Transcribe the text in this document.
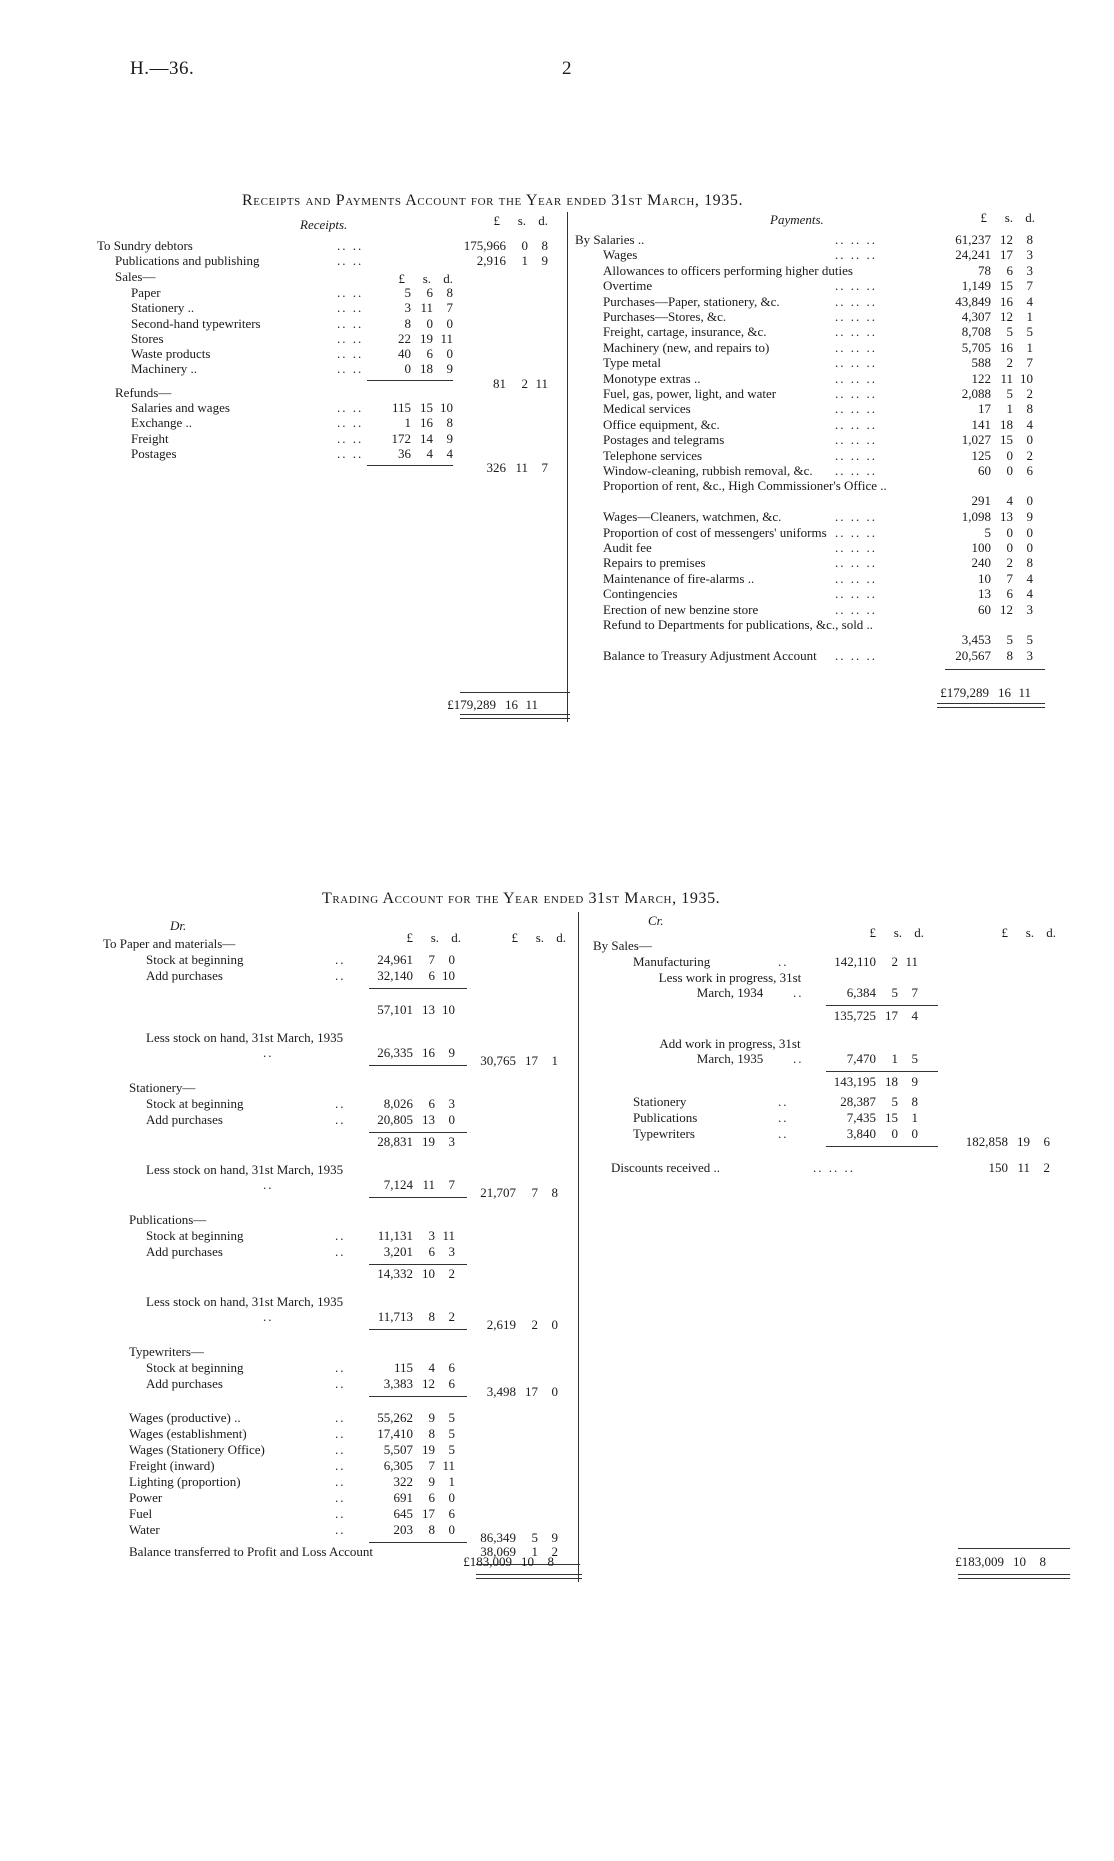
H.—36.	2
Receipts and Payments Account for the Year ended 31st March, 1935.
Receipts.	Payments.
£	s. d.
To Sundry debtors	.. ..	175,966	0	8
Publications and publishing	.. ..	2,916	1	9
Sales—	£	s. d.
Paper	.. ..	5	6	8
Stationery ..	.. ..	3 11	7
Second-hand typewriters	.. ..	8	0	0
Stores	.. ..	22 19 11
Waste products	.. ..	40	6	0
Machinery ..	.. ..	0 18	9
81	2 11
Refunds—
Salaries and wages	.. ..	115 15 10
Exchange ..	.. ..	1 16	8
Freight	.. ..	172 14	9
Postages	.. ..	36	4	4
326 11	7
£179,289 16 11
£	s. d.
By Salaries ..	.. .. ..	61,237 12	8
Wages	.. .. ..	24,241 17	3
Allowances to officers performing higher duties	78	6	3
Overtime	.. .. ..	1,149 15	7
Purchases—Paper, stationery, &c.	.. .. ..	43,849 16	4
Purchases—Stores, &c.	.. .. ..	4,307 12	1
Freight, cartage, insurance, &c.	.. .. ..	8,708	5	5
Machinery (new, and repairs to)	.. .. ..	5,705 16	1
Type metal	.. .. ..	588	2	7
Monotype extras ..	.. .. ..	122 11 10
Fuel, gas, power, light, and water	.. .. ..	2,088	5	2
Medical services	.. .. ..	17	1	8
Office equipment, &c.	.. .. ..	141 18	4
Postages and telegrams	.. .. ..	1,027 15	0
Telephone services	.. .. ..	125	0	2
Window-cleaning, rubbish removal, &c. .. .. ..	60	0	6
Proportion of rent, &c., High Commissioner's Office ..
291	4	0
Wages—Cleaners, watchmen, &c.	.. .. ..	1,098 13	9
Proportion of cost of messengers' uniforms .. .. ..	5	0	0
Audit fee	.. .. ..	100	0	0
Repairs to premises	.. .. ..	240	2	8
Maintenance of fire-alarms ..	.. .. ..	10	7	4
Contingencies	.. .. ..	13	6	4
Erection of new benzine store	.. .. ..	60 12	3
Refund to Departments for publications, &c., sold ..
3,453	5	5
Balance to Treasury Adjustment Account .. .. ..	20,567	8	3
£179,289 16 11
Trading Account for the Year ended 31st March, 1935.
Dr.	Cr.
£	s. d.	£	s. d.
To Paper and materials—
Stock at beginning	..	24,961	7	0
Add purchases	..	32,140	6 10
57,101 13 10
Less stock on hand, 31st March, 1935
..	26,335 16	9
30,765 17	1
Stationery—
Stock at beginning	..	8,026	6	3
Add purchases	..	20,805 13	0
28,831 19	3
Less stock on hand, 31st March, 1935
..	7,124 11	7
21,707	7	8
Publications—
Stock at beginning	..	11,131	3 11
Add purchases	..	3,201	6	3
14,332 10	2
Less stock on hand, 31st March, 1935
..	11,713	8	2
2,619	2	0
Typewriters—
Stock at beginning	..	115	4	6
Add purchases	..	3,383 12	6
3,498 17	0
Wages (productive) ..	..	55,262	9	5
Wages (establishment)	..	17,410	8	5
Wages (Stationery Office)	..	5,507 19	5
Freight (inward)	..	6,305	7 11
Lighting (proportion)	..	322	9	1
Power	..	691	6	0
Fuel	..	645 17	6
Water	..	203	8	0
86,349	5	9
Balance transferred to Profit and Loss Account	38,069	1	2
£183,009 10	8
£	s. d.	£	s. d.
By Sales—
Manufacturing	..	142,110	2 11
Less work in progress, 31st March, 1934	..	6,384	5	7
135,725 17	4
Add work in progress, 31st March, 1935	..	7,470	1	5
143,195 18	9
Stationery	..	28,387	5	8
Publications	..	7,435 15	1
Typewriters	..	3,840	0	0
182,858 19	6
Discounts received ..	.. .. ..	150 11	2
£183,009 10	8
